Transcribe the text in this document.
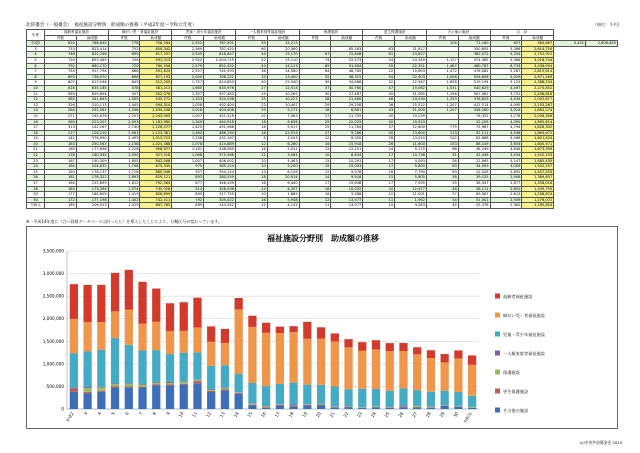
北陸臺会（一般臺会）　福祉施設分野別　助成額の推移（平成2年度〜令和元年度）	（単位：千円）
年度	高齢者福祉施設		障がい児・者福祉施設		児童・青少年福祉施設		一人親家庭等福祉施設		保護施設		更生保護施設		その他の施設		合　計			
	件数	助成額	件数	助成額	件数	助成額	件数	助成額	件数	助成額	件数	助成額	件数	助成額	件数	助成額		
平成2	620	768,645	778	758,264	2,552	767,501	59	15,213					104	71,160	627	384,667	5,451	2,608,645
3	753	823,414	752	650,342	2,569	787,420	60	20,060		85,163	63	31,917		350,655	5,386	2,614,754		
4	746	822,246	695	617,257	2,545	816,847	44	15,170	67	72,608	61	23,827		382,072	5,204	2,752,922		
5	716	853,465	706	591,213	2,500	1,004,715	42	15,110	74	52,473	54	24,349	1,127	474,485	5,366	3,018,744		
6	792	880,170	720	780,556	2,579	852,452	43	14,123	69	51,484	55	22,351	1,467	480,787	6,733	3,336,904		
7	754	927,794	666	591,624	2,557	741,993	36	14,560	64	48,785	22	15,693	1,472	476,082	5,287	2,815,614		
8	693	736,970	698	627,193	2,000	706,222	33	13,400	52	36,315	54	22,403	1,508	526,606	5,029	2,671,269		
9	807	613,546	645	512,209	1,757	614,850	40	25,540	49	34,668	52	22,567	1,658	519,194	5,122	2,388,534		
10	616	635,185	578	481,213	1,665	635,976	27	12,913	37	40,760	47	19,062	1,531	540,629	4,497	2,275,852		
11	569	659,894	557	552,076	1,357	597,483	19	10,265	30	27,467	40	51,065	1,196	567,981	3,752	2,436,618		
12	385	341,643	1,505	535,272	1,203	520,036	25	10,227	28	21,460	46	24,030	1,253	376,823	4,434	2,002,877		
13	326	310,113	1,445	494,314	1,058	492,404	23	10,447	29	29,258	36	25,522	1,207	412,514	4,095	2,105,267		
14	284	252,581	1,336	1,430,438	1,018	404,408	25	5,171	18	6,881	43	21,000	1,207	338,180	3,924	1,883,274		
15	271	245,676	1,203	1,243,905	1,057	451,518	20	7,063	27	21,705	40	19,239		76,332	3,776	2,058,306		
16	369	223,207	2,593	1,181,980	1,349	440,918	18	6,636	25	22,025	40	15,023		22,105	4,390	1,885,814		
17	313	142,167	2,740	1,126,577	1,420	451,068	16	5,017	25	11,784	37	12,600	775	75,987	4,794	1,828,302		
18	217	126,210	2,561	1,123,381	1,483	486,194	18	22,913	27	9,286	40	13,600	113	52,111	4,546	1,863,672		
19	142	376,990	2,495	1,013,723	1,258	432,167	6	4,043	12	8,350	18	13,010	152	82,888	4,068	1,601,424		
20	183	250,567	2,158	1,024,388	1,078	414,889	12	6,260	16	15,918	26	11,600	153	86,149	3,654	1,800,571		
21	169	177,696	2,226	998,977	1,181	438,989	16	5,041	12	12,101	24	5,170	68	36,249	3,646	1,673,599		
22	178	180,945	2,050	927,518	1,068	375,566	12	3,084	10	6,634	17	10,738	51	42,438	3,434	1,542,253		
23	167	190,309	1,805	842,008	1,007	406,002	10	4,463	15	10,291	17	4,093	56	22,965	3,147	1,485,435		
24	164	204,632	1,748	875,335	975	385,114	10	3,200	15	15,003	17	5,800	63	34,959	3,009	1,502,557		
25	150	178,137	1,718	880,946	927	354,124	13	6,159	12	9,578	16	7,790	63	22,526	2,892	1,457,293		
26	161	176,322	1,693	829,121	893	380,559	18	20,914	14	9,918	15	5,800	58	39,125	2,906	1,389,657		
27	164	155,893	1,612	792,564	877	346,439	16	6,440	17	19,638	17	7,095	55	38,947	2,877	1,358,016		
28	183	173,394	1,574	745,928	914	328,936	14	4,357	16	10,052	20	12,477	48	26,111	2,852	1,339,755		
29	177	184,605	1,419	626,699	895	317,755	10	1,689	16	5,588	12	11,001	57	69,567	2,613	1,256,874		
30	172	177,198	1,402	742,411	792	305,022	16	5,948	12	13,577	11	1,962	54	51,001	2,509	1,276,072		
令和元	189	206,523	1,329	687,783	689	244,542	12	4,142	11	13,977	10	4,083	45	25,378	2,362	1,185,604		
※一平成14年度に（合い同様データベースは旧ったと）を導入したことにより、分類区分が変わっています。
福祉施設分野別　助成額の推移
0
500,000
1,000,000
1,500,000
2,000,000
2,500,000
3,000,000
3,500,000
平成2 3 4 5 6 7 8 9 10 11 12 13 14 15 16 17 18 19 20 21 22 23 24 25 26 27 28 29 30 令和元
高齢者福祉施設
障がい児・者福祉施設
児童・青少年福祉施設
一人親家庭等福祉施設
保護施設
更生保護施設
その他の施設
(c)中央共同募金会 2020
